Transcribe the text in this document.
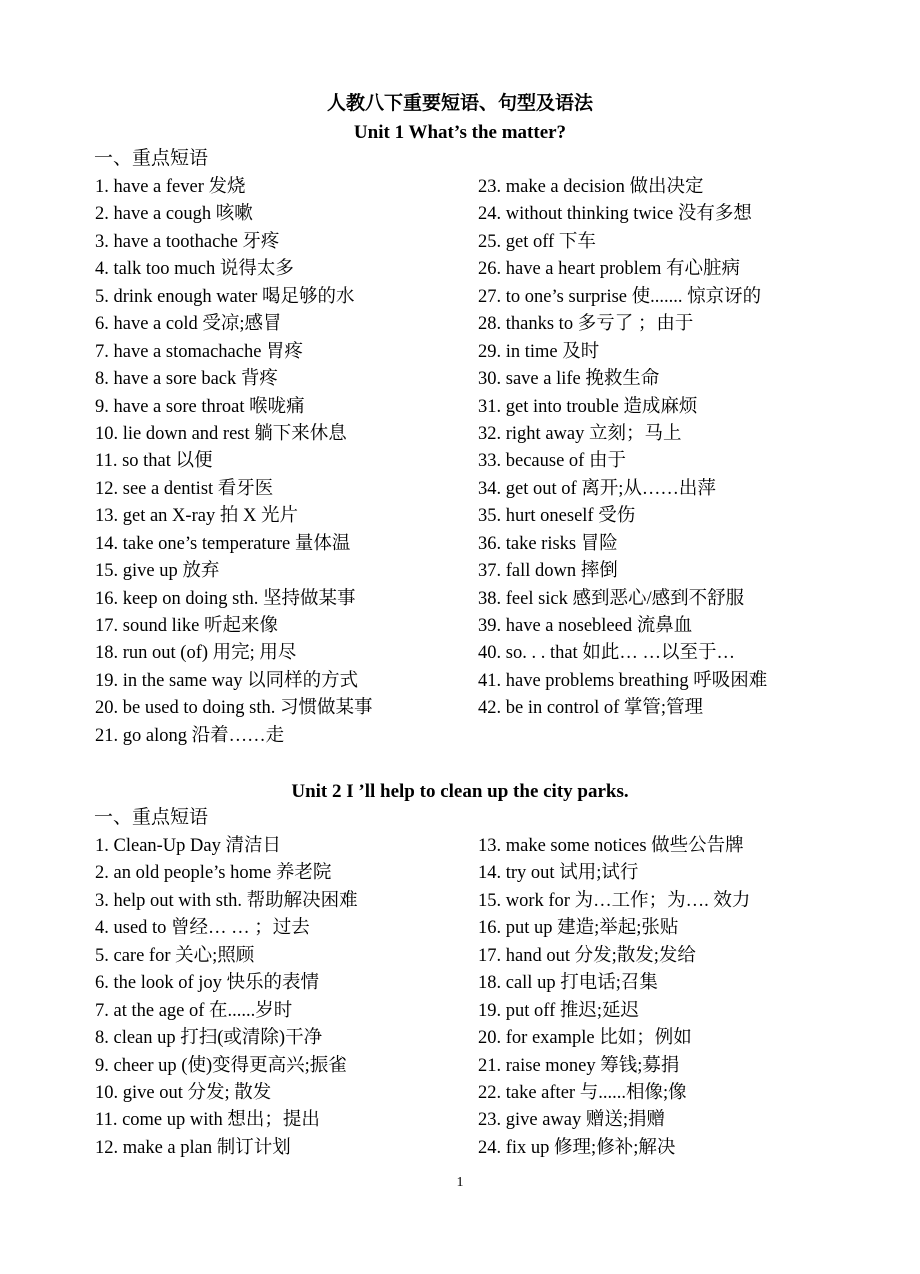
人教八下重要短语、句型及语法
Unit 1 What’s the matter?
一、重点短语
1. have a fever 发烧
2. have a cough 咳嗽
3. have a toothache 牙疼
4. talk too much 说得太多
5. drink enough water 喝足够的水
6. have a cold 受凉;感冒
7. have a stomachache 胃疼
8. have a sore back 背疼
9. have a sore throat 喉咙痛
10. lie down and rest 躺下来休息
11. so that 以便
12. see a dentist 看牙医
13. get an X-ray 拍 X 光片
14. take one’s temperature 量体温
15. give up 放弃
16. keep on doing sth. 坚持做某事
17. sound like 听起来像
18. run out (of) 用完; 用尽
19. in the same way 以同样的方式
20. be used to doing sth. 习惯做某事
21. go along 沿着……走
23. make a decision 做出决定
24. without thinking twice 没有多想
25. get off 下车
26. have a heart problem 有心脏病
27. to one’s surprise 使....... 惊京讶的
28. thanks to 多亏了 ；由于
29. in time 及时
30. save a life 挽救生命
31. get into trouble 造成麻烦
32. right away 立刻；马上
33. because of 由于
34. get out of 离开;从……出萍
35. hurt oneself 受伤
36. take risks 冒险
37. fall down 摔倒
38. feel sick 感到恶心/感到不舒服
39. have a nosebleed 流鼻血
40. so. . . that 如此… …以至于…
41. have problems breathing 呼吸困难
42. be in control of 掌管;管理
Unit 2 I ’ll help to clean up the city parks.
一、重点短语
1. Clean-Up Day 清洁日
2. an old people’s home 养老院
3. help out with sth. 帮助解决困难
4. used to 曾经… … ；过去
5. care for 关心;照顾
6. the look of joy 快乐的表情
7. at the age of 在......岁时
8. clean up 打扫(或清除)干净
9. cheer up (使)变得更高兴;振雀
10. give out 分发; 散发
11. come up with 想出；提出
12. make a plan 制订计划
13. make some notices 做些公告牌
14. try out 试用;试行
15. work for 为…工作；为…. 效力
16. put up 建造;举起;张贴
17. hand out 分发;散发;发给
18. call up 打电话;召集
19. put off 推迟;延迟
20. for example 比如；例如
21. raise money 筹钱;募捐
22. take after 与......相像;像
23. give away 赠送;捐赠
24. fix up 修理;修补;解决
1
